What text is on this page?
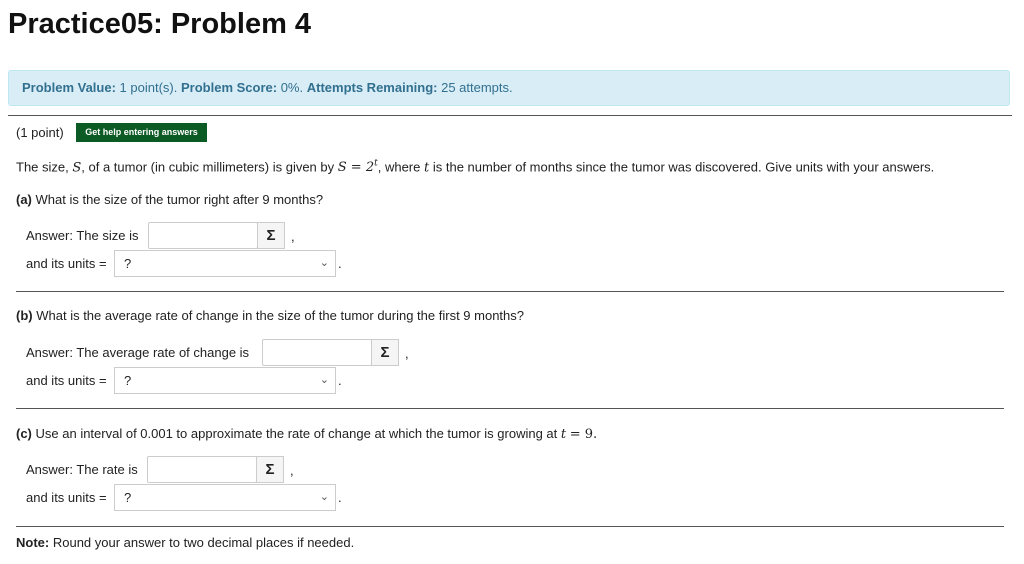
Practice05: Problem 4
Problem Value: 1 point(s). Problem Score: 0%. Attempts Remaining: 25 attempts.
(1 point)	Get help entering answers
The size, S, of a tumor (in cubic millimeters) is given by $S = 2^t$, where t is the number of months since the tumor was discovered. Give units with your answers.
(a) What is the size of the tumor right after 9 months?
Answer: The size is	Σ	,
and its units =	?	⌄ .
(b) What is the average rate of change in the size of the tumor during the first 9 months?
Answer: The average rate of change is	Σ	,
and its units =	?	⌄ .
(c) Use an interval of 0.001 to approximate the rate of change at which the tumor is growing at t = 9.
Answer: The rate is	Σ	,
and its units =	?	⌄ .
Note: Round your answer to two decimal places if needed.
